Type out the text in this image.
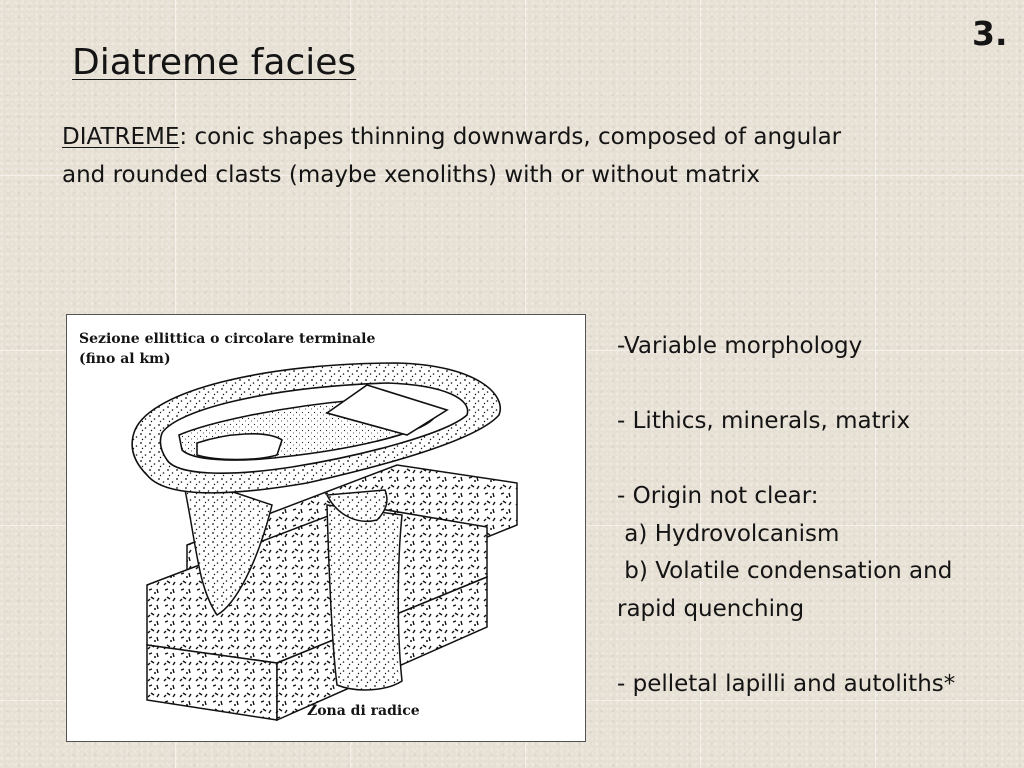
3.
Diatreme facies
DIATREME: conic shapes thinning downwards, composed of angular
and rounded clasts (maybe xenoliths) with or without matrix
Sezione ellittica o circolare terminale
(fino al km)
Zona di radice
-Variable morphology

- Lithics, minerals, matrix

- Origin not clear:
a) Hydrovolcanism
b) Volatile condensation and
rapid quenching

- pelletal lapilli and autoliths*
